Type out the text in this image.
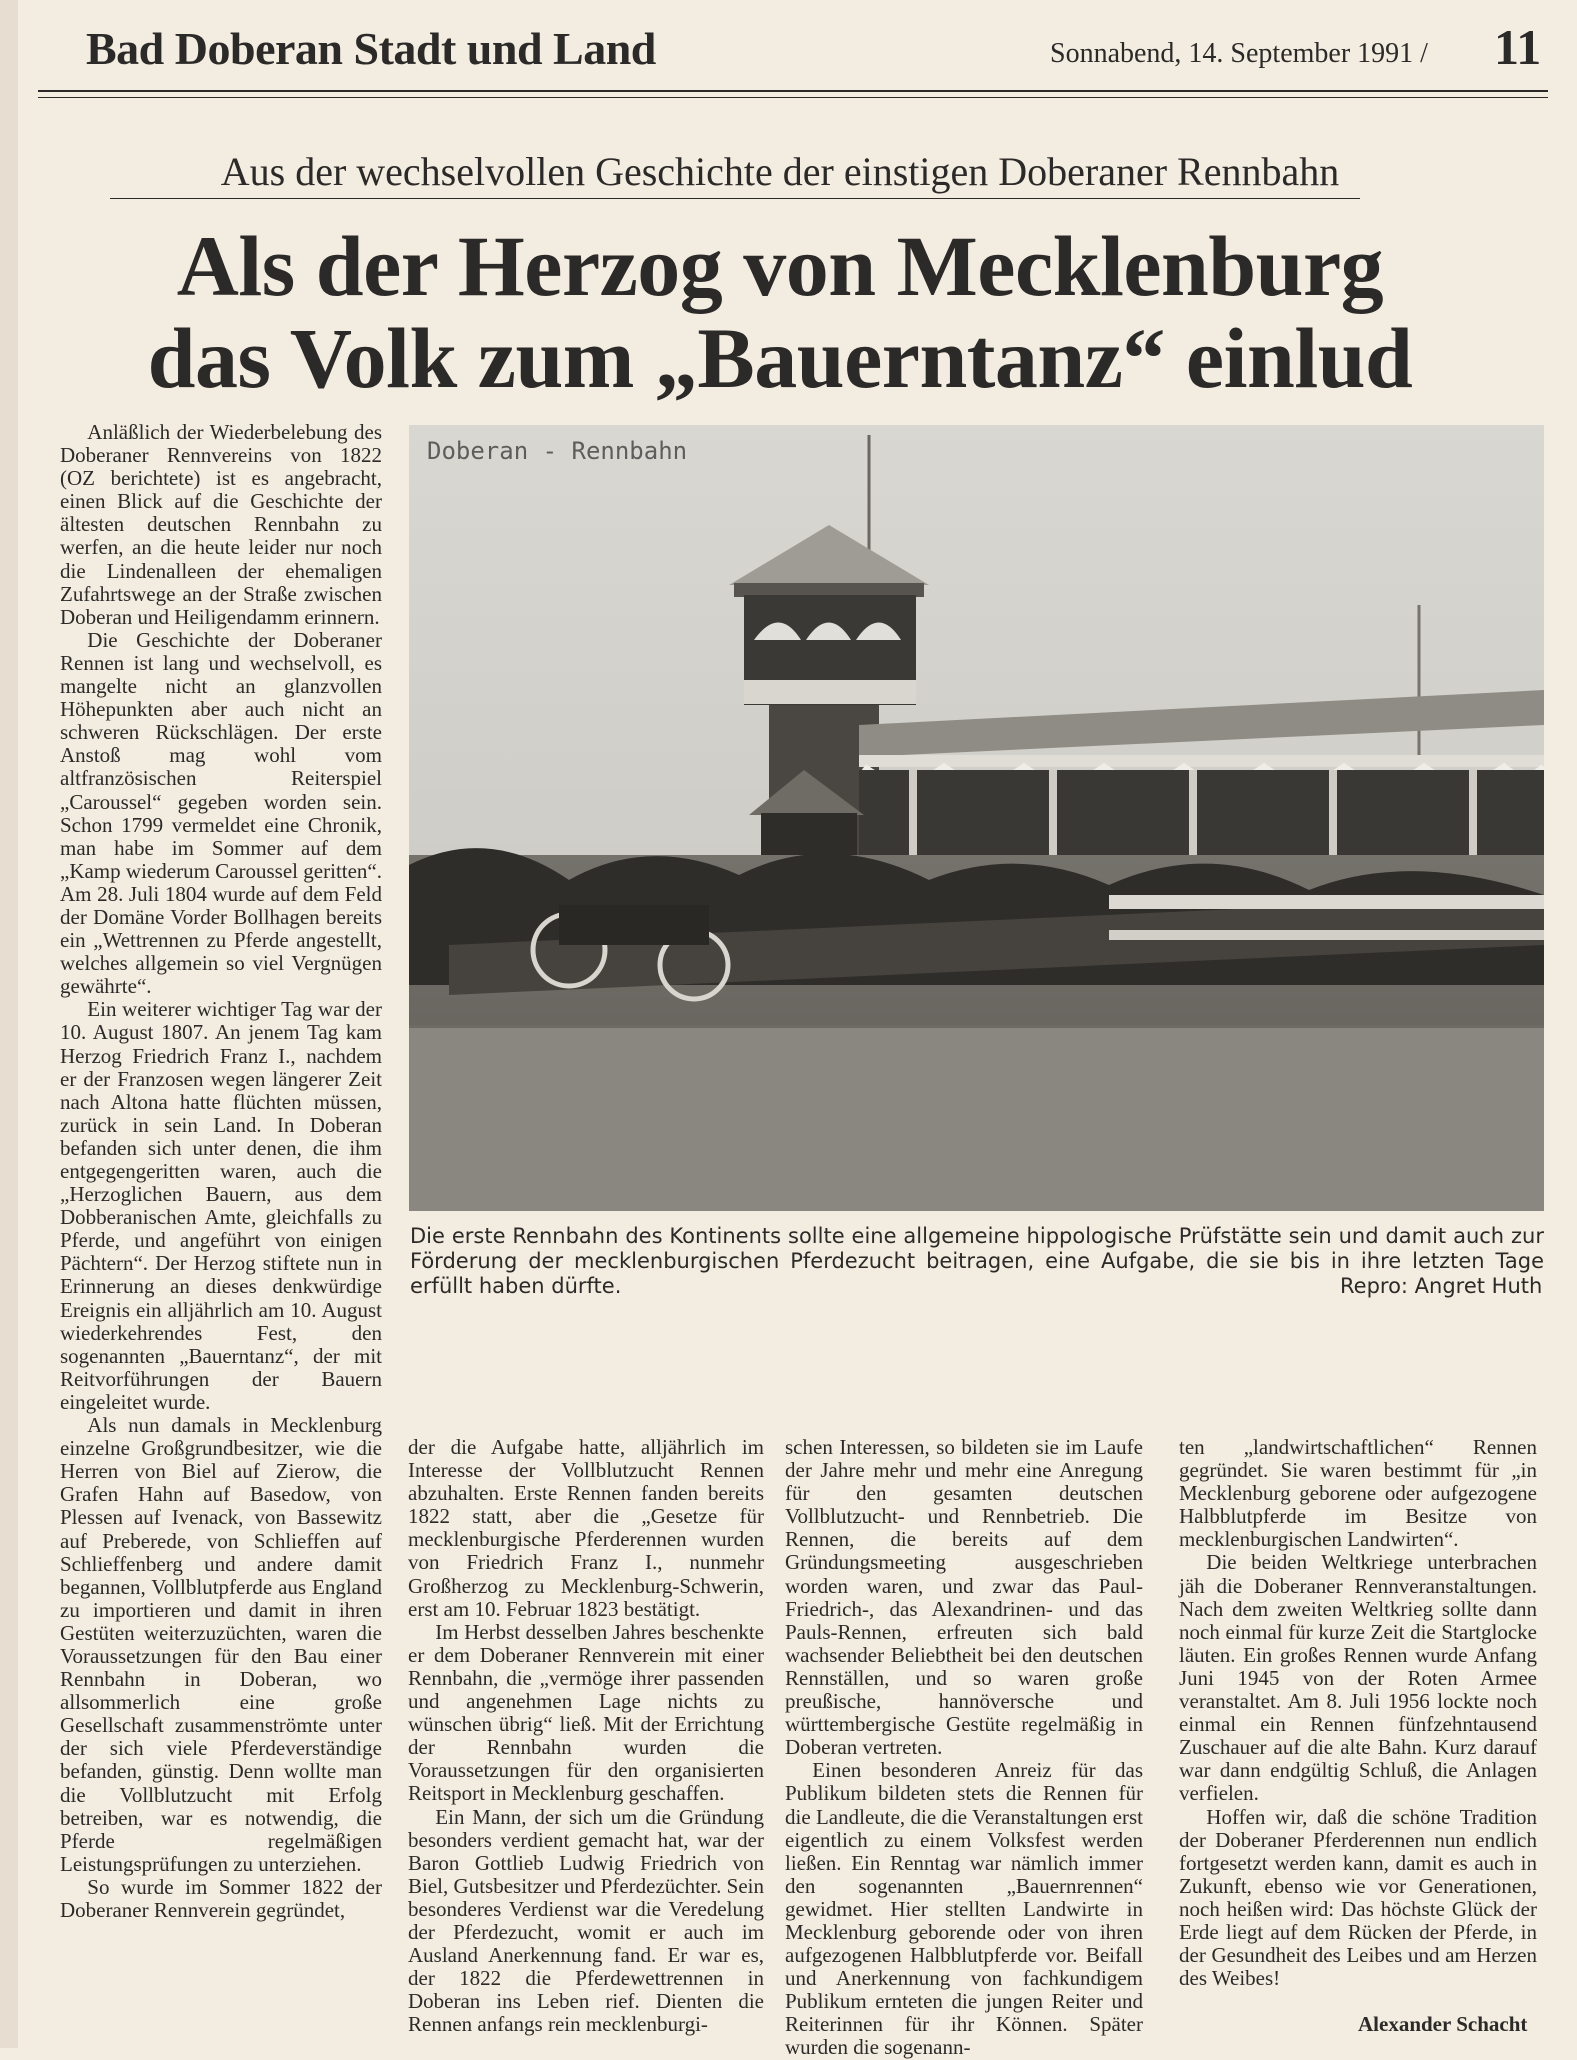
Bad Doberan Stadt und Land	Sonnabend, 14. September 1991 / 11
Aus der wechselvollen Geschichte der einstigen Doberaner Rennbahn
Als der Herzog von Mecklenburg
das Volk zum „Bauerntanz“ einlud

Anläßlich der Wiederbelebung des Doberaner Rennvereins von 1822 (OZ berichtete) ist es angebracht, einen Blick auf die Geschichte der ältesten deutschen Rennbahn zu werfen, an die heute leider nur noch die Lindenalleen der ehemaligen Zufahrtswege an der Straße zwischen Doberan und Heiligendamm erinnern.

Die Geschichte der Doberaner Rennen ist lang und wechselvoll, es mangelte nicht an glanzvollen Höhepunkten aber auch nicht an schweren Rückschlägen. Der erste Anstoß mag wohl vom altfranzösischen Reiterspiel „Caroussel“ gegeben worden sein. Schon 1799 vermeldet eine Chronik, man habe im Sommer auf dem „Kamp wiederum Caroussel geritten“. Am 28. Juli 1804 wurde auf dem Feld der Domäne Vorder Bollhagen bereits ein „Wettrennen zu Pferde angestellt, welches allgemein so viel Vergnügen gewährte“.

Ein weiterer wichtiger Tag war der 10. August 1807. An jenem Tag kam Herzog Friedrich Franz I., nachdem er der Franzosen wegen längerer Zeit nach Altona hatte flüchten müssen, zurück in sein Land. In Doberan befanden sich unter denen, die ihm entgegengeritten waren, auch die „Herzoglichen Bauern, aus dem Dobberanischen Amte, gleichfalls zu Pferde, und angeführt von einigen Pächtern“. Der Herzog stiftete nun in Erinnerung an dieses denkwürdige Ereignis ein alljährlich am 10. August wiederkehrendes Fest, den sogenannten „Bauerntanz“, der mit Reitvorführungen der Bauern eingeleitet wurde.

Als nun damals in Mecklenburg einzelne Großgrundbesitzer, wie die Herren von Biel auf Zierow, die Grafen Hahn auf Basedow, von Plessen auf Ivenack, von Bassewitz auf Preberede, von Schlieffen auf Schlieffenberg und andere damit begannen, Vollblutpferde aus England zu importieren und damit in ihren Gestüten weiterzuzüchten, waren die Voraussetzungen für den Bau einer Rennbahn in Doberan, wo allsommerlich eine große Gesellschaft zusammenströmte unter der sich viele Pferdeverständige befanden, günstig. Denn wollte man die Vollblutzucht mit Erfolg betreiben, war es notwendig, die Pferde regelmäßigen Leistungsprüfungen zu unterziehen.

So wurde im Sommer 1822 der Doberaner Rennverein gegründet,

Doberan - Rennbahn

Die erste Rennbahn des Kontinents sollte eine allgemeine hippologische Prüfstätte sein und damit auch zur Förderung der mecklenburgischen Pferdezucht beitragen, eine Aufgabe, die sie bis in ihre letzten Tage erfüllt haben dürfte.	Repro: Angret Huth

der die Aufgabe hatte, alljährlich im Interesse der Vollblutzucht Rennen abzuhalten. Erste Rennen fanden bereits 1822 statt, aber die „Gesetze für mecklenburgische Pferderennen wurden von Friedrich Franz I., nunmehr Großherzog zu Mecklenburg-Schwerin, erst am 10. Februar 1823 bestätigt.

Im Herbst desselben Jahres beschenkte er dem Doberaner Rennverein mit einer Rennbahn, die „vermöge ihrer passenden und angenehmen Lage nichts zu wünschen übrig“ ließ. Mit der Errichtung der Rennbahn wurden die Voraussetzungen für den organisierten Reitsport in Mecklenburg geschaffen.

Ein Mann, der sich um die Gründung besonders verdient gemacht hat, war der Baron Gottlieb Ludwig Friedrich von Biel, Gutsbesitzer und Pferdezüchter. Sein besonderes Verdienst war die Veredelung der Pferdezucht, womit er auch im Ausland Anerkennung fand. Er war es, der 1822 die Pferdewettrennen in Doberan ins Leben rief. Dienten die Rennen anfangs rein mecklenburgi-

schen Interessen, so bildeten sie im Laufe der Jahre mehr und mehr eine Anregung für den gesamten deutschen Vollblutzucht- und Rennbetrieb. Die Rennen, die bereits auf dem Gründungsmeeting ausgeschrieben worden waren, und zwar das Paul-Friedrich-, das Alexandrinen- und das Pauls-Rennen, erfreuten sich bald wachsender Beliebtheit bei den deutschen Rennställen, und so waren große preußische, hannöversche und württembergische Gestüte regelmäßig in Doberan vertreten.

Einen besonderen Anreiz für das Publikum bildeten stets die Rennen für die Landleute, die die Veranstaltungen erst eigentlich zu einem Volksfest werden ließen. Ein Renntag war nämlich immer den sogenannten „Bauernrennen“ gewidmet. Hier stellten Landwirte in Mecklenburg geborende oder von ihren aufgezogenen Halbblutpferde vor. Beifall und Anerkennung von fachkundigem Publikum ernteten die jungen Reiter und Reiterinnen für ihr Können. Später wurden die sogenann-

ten „landwirtschaftlichen“ Rennen gegründet. Sie waren bestimmt für „in Mecklenburg geborene oder aufgezogene Halbblutpferde im Besitze von mecklenburgischen Landwirten“.

Die beiden Weltkriege unterbrachen jäh die Doberaner Rennveranstaltungen. Nach dem zweiten Weltkrieg sollte dann noch einmal für kurze Zeit die Startglocke läuten. Ein großes Rennen wurde Anfang Juni 1945 von der Roten Armee veranstaltet. Am 8. Juli 1956 lockte noch einmal ein Rennen fünfzehntausend Zuschauer auf die alte Bahn. Kurz darauf war dann endgültig Schluß, die Anlagen verfielen.

Hoffen wir, daß die schöne Tradition der Doberaner Pferderennen nun endlich fortgesetzt werden kann, damit es auch in Zukunft, ebenso wie vor Generationen, noch heißen wird: Das höchste Glück der Erde liegt auf dem Rücken der Pferde, in der Gesundheit des Leibes und am Herzen des Weibes!

Alexander Schacht
